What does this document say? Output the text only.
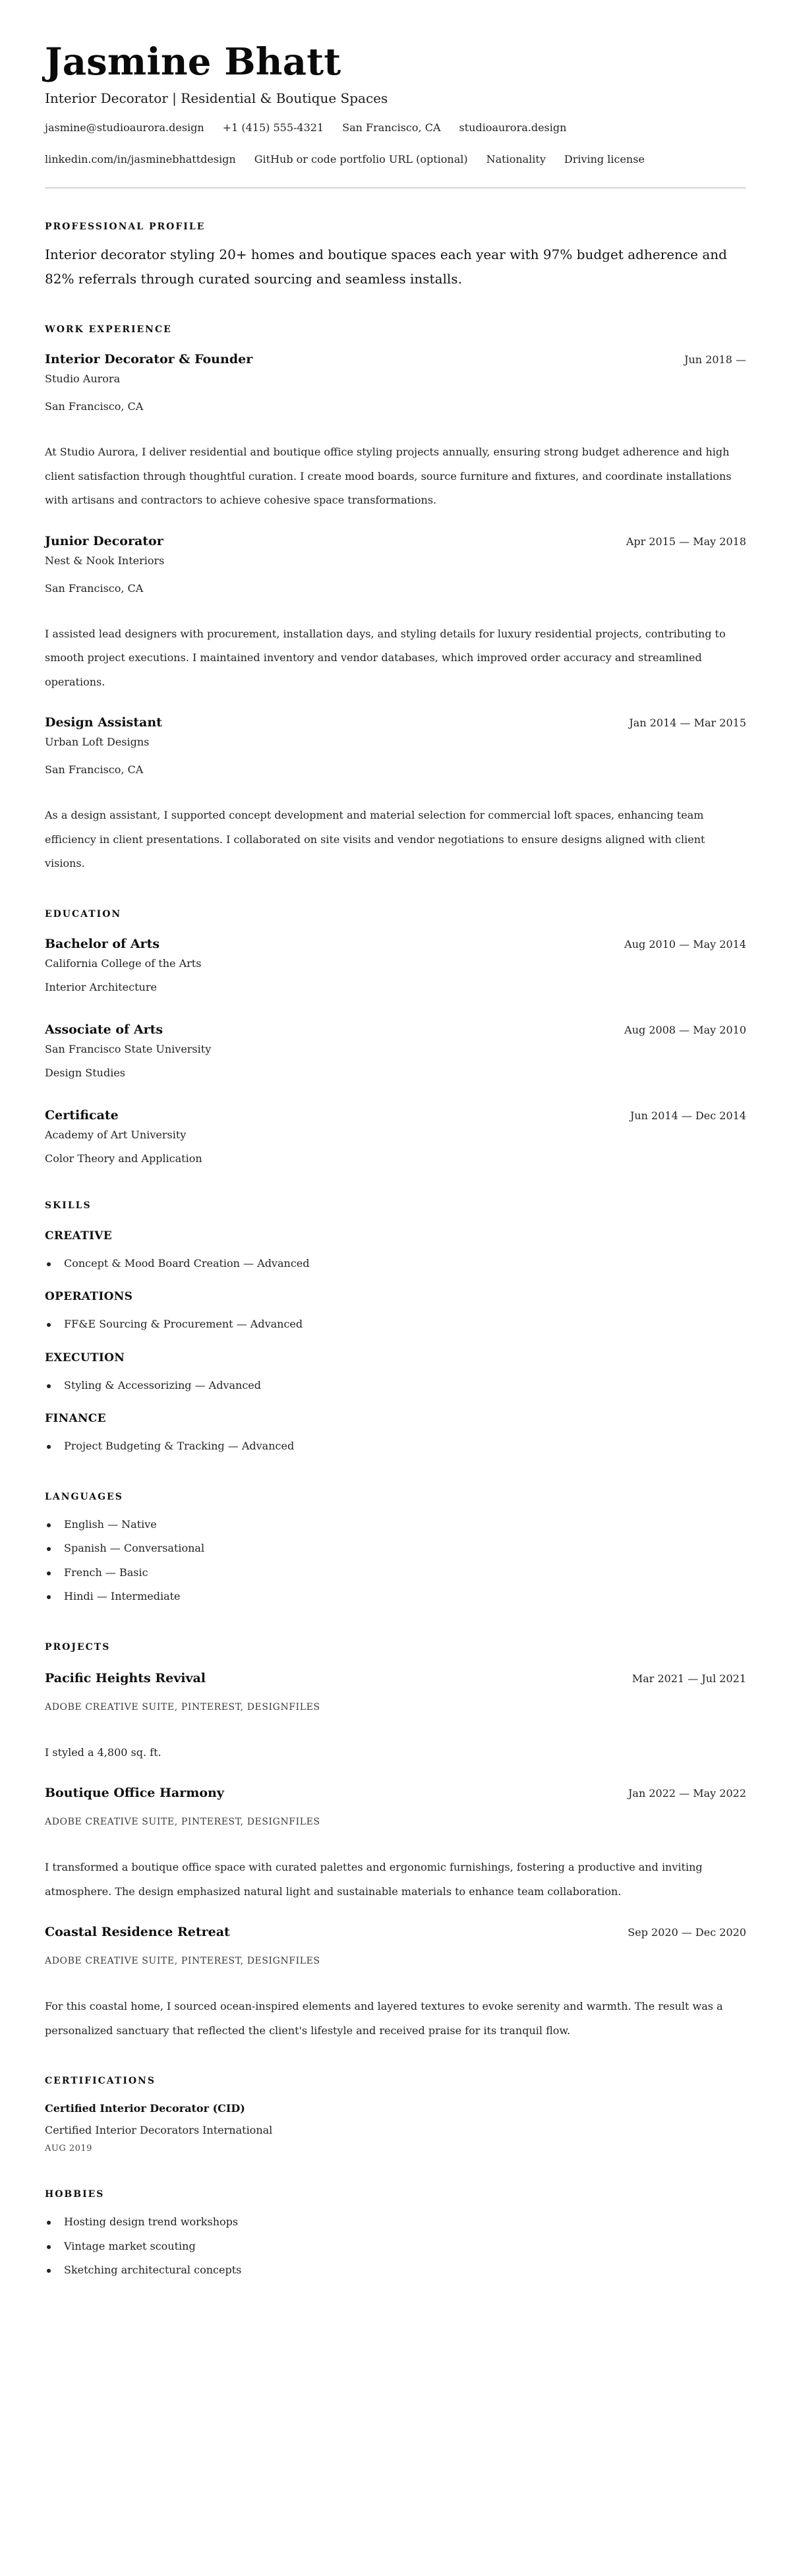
Jasmine Bhatt
Interior Decorator | Residential & Boutique Spaces
jasmine@studioaurora.design +1 (415) 555-4321 San Francisco, CA studioaurora.design
linkedin.com/in/jasminebhattdesign GitHub or code portfolio URL (optional) Nationality Driving license
PROFESSIONAL PROFILE

Interior decorator styling 20+ homes and boutique spaces each year with 97% budget adherence and 82% referrals through curated sourcing and seamless installs.

WORK EXPERIENCE
Interior Decorator & Founder	Jun 2018 —
Studio Aurora
San Francisco, CA

At Studio Aurora, I deliver residential and boutique office styling projects annually, ensuring strong budget adherence and high client satisfaction through thoughtful curation. I create mood boards, source furniture and fixtures, and coordinate installations with artisans and contractors to achieve cohesive space transformations.

Junior Decorator	Apr 2015 — May 2018
Nest & Nook Interiors
San Francisco, CA

I assisted lead designers with procurement, installation days, and styling details for luxury residential projects, contributing to smooth project executions. I maintained inventory and vendor databases, which improved order accuracy and streamlined operations.

Design Assistant	Jan 2014 — Mar 2015
Urban Loft Designs
San Francisco, CA

As a design assistant, I supported concept development and material selection for commercial loft spaces, enhancing team efficiency in client presentations. I collaborated on site visits and vendor negotiations to ensure designs aligned with client visions.

EDUCATION
Bachelor of Arts	Aug 2010 — May 2014
California College of the Arts
Interior Architecture
Associate of Arts	Aug 2008 — May 2010
San Francisco State University
Design Studies
Certificate	Jun 2014 — Dec 2014
Academy of Art University
Color Theory and Application
SKILLS
CREATIVE
Concept & Mood Board Creation — Advanced
OPERATIONS
FF&E Sourcing & Procurement — Advanced
EXECUTION
Styling & Accessorizing — Advanced
FINANCE
Project Budgeting & Tracking — Advanced
LANGUAGES
English — Native
Spanish — Conversational
French — Basic
Hindi — Intermediate
PROJECTS
Pacific Heights Revival	Mar 2021 — Jul 2021
ADOBE CREATIVE SUITE, PINTEREST, DESIGNFILES

I styled a 4,800 sq. ft.

Boutique Office Harmony	Jan 2022 — May 2022
ADOBE CREATIVE SUITE, PINTEREST, DESIGNFILES

I transformed a boutique office space with curated palettes and ergonomic furnishings, fostering a productive and inviting atmosphere. The design emphasized natural light and sustainable materials to enhance team collaboration.

Coastal Residence Retreat	Sep 2020 — Dec 2020
ADOBE CREATIVE SUITE, PINTEREST, DESIGNFILES

For this coastal home, I sourced ocean-inspired elements and layered textures to evoke serenity and warmth. The result was a personalized sanctuary that reflected the client's lifestyle and received praise for its tranquil flow.

CERTIFICATIONS
Certified Interior Decorator (CID)
Certified Interior Decorators International
AUG 2019
HOBBIES
Hosting design trend workshops
Vintage market scouting
Sketching architectural concepts
